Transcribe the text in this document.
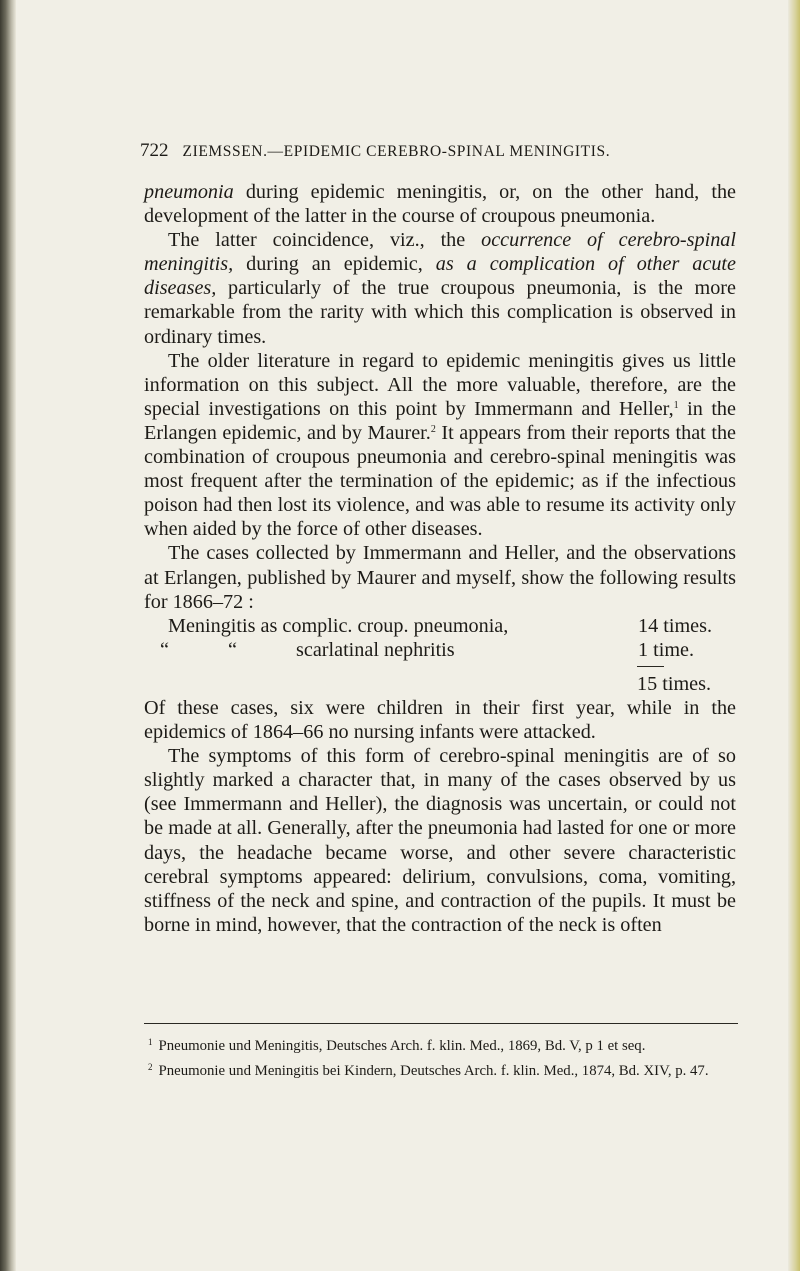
722 ZIEMSSEN.—EPIDEMIC CEREBRO-SPINAL MENINGITIS.

pneumonia during epidemic meningitis, or, on the other hand, the development of the latter in the course of croupous pneumonia.

The latter coincidence, viz., the occurrence of cerebro-spinal meningitis, during an epidemic, as a complication of other acute diseases, particularly of the true croupous pneumonia, is the more remarkable from the rarity with which this complication is observed in ordinary times.

The older literature in regard to epidemic meningitis gives us little information on this subject. All the more valuable, therefore, are the special investigations on this point by Immermann and Heller,$^1$ in the Erlangen epidemic, and by Maurer.$^2$ It appears from their reports that the combination of croupous pneumonia and cerebro-spinal meningitis was most frequent after the termination of the epidemic; as if the infectious poison had then lost its violence, and was able to resume its activity only when aided by the force of other diseases.

The cases collected by Immermann and Heller, and the observations at Erlangen, published by Maurer and myself, show the following results for 1866–72 :

Meningitis as complic. croup. pneumonia,	14 times.
“	“	scarlatinal nephritis	1 time.
15 times.

Of these cases, six were children in their first year, while in the epidemics of 1864–66 no nursing infants were attacked.

The symptoms of this form of cerebro-spinal meningitis are of so slightly marked a character that, in many of the cases observed by us (see Immermann and Heller), the diagnosis was uncertain, or could not be made at all. Generally, after the pneumonia had lasted for one or more days, the headache became worse, and other severe characteristic cerebral symptoms appeared: delirium, convulsions, coma, vomiting, stiffness of the neck and spine, and contraction of the pupils. It must be borne in mind, however, that the contraction of the neck is often

$^1$ Pneumonie und Meningitis, Deutsches Arch. f. klin. Med., 1869, Bd. V, p 1 et seq.

$^2$ Pneumonie und Meningitis bei Kindern, Deutsches Arch. f. klin. Med., 1874, Bd. XIV, p. 47.
